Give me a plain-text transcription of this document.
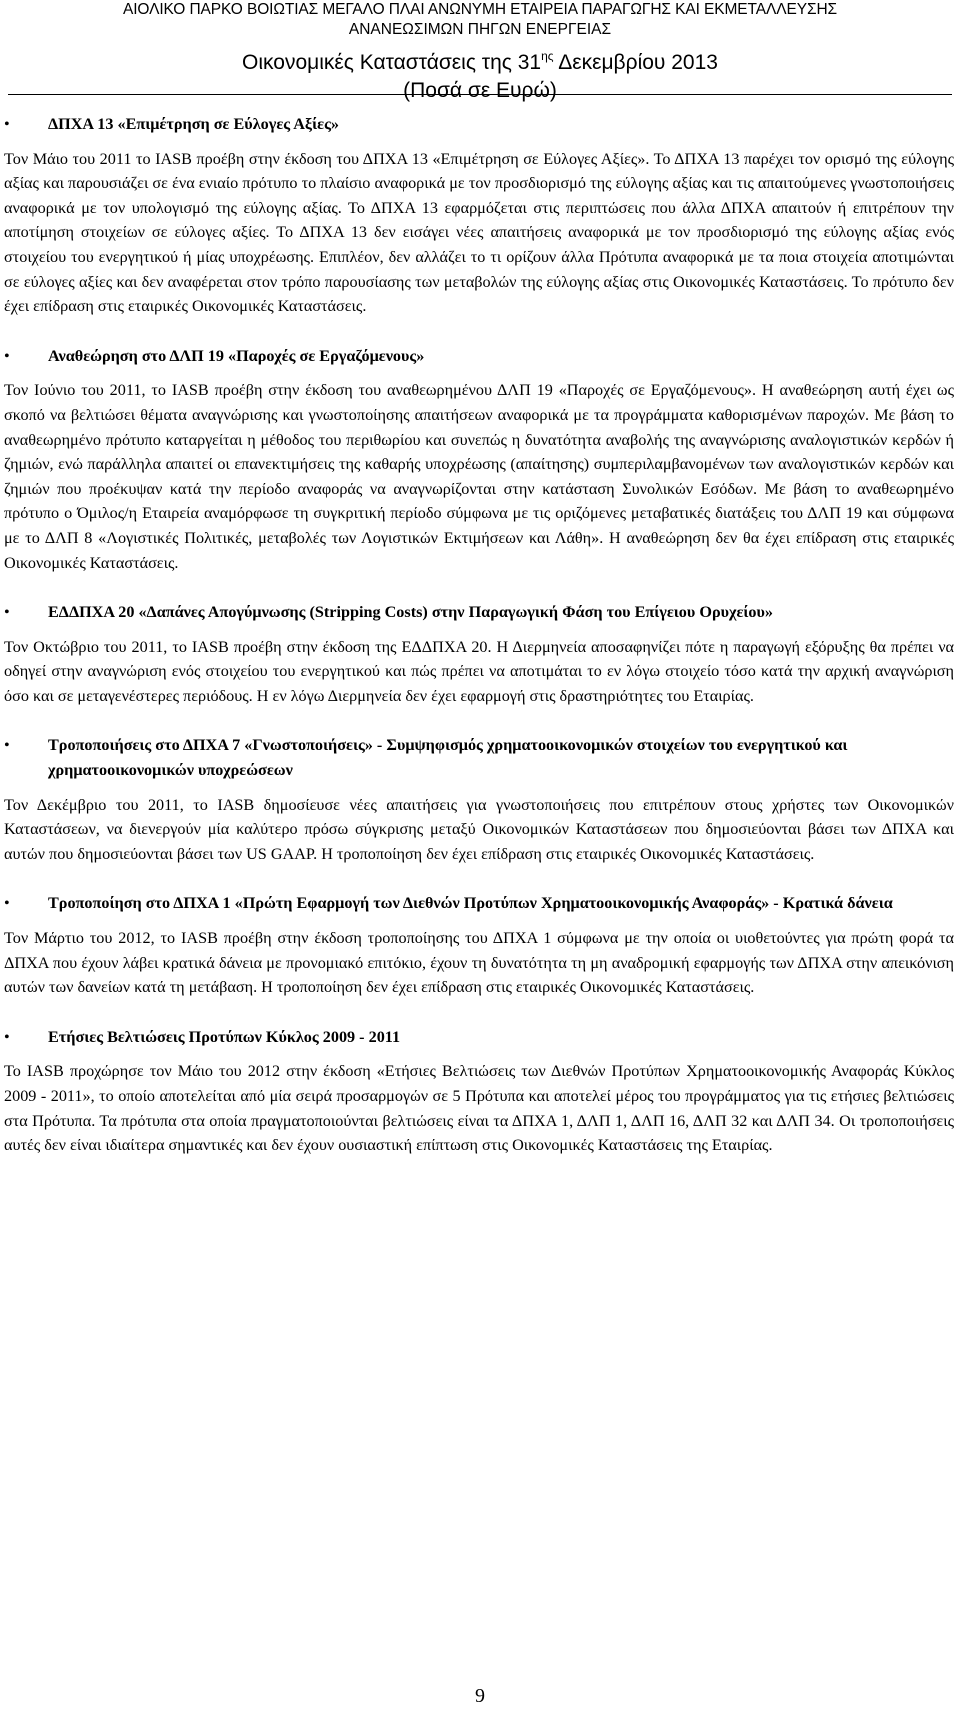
ΑΙΟΛΙΚΟ ΠΑΡΚΟ ΒΟΙΩΤΙΑΣ ΜΕΓΑΛΟ ΠΛΑΙ ΑΝΩΝΥΜΗ ΕΤΑΙΡΕΙΑ ΠΑΡΑΓΩΓΗΣ ΚΑΙ ΕΚΜΕΤΑΛΛΕΥΣΗΣ
ΑΝΑΝΕΩΣΙΜΩΝ ΠΗΓΩΝ ΕΝΕΡΓΕΙΑΣ
Οικονομικές Καταστάσεις της $31^{\eta\varsigma}$ Δεκεμβρίου 2013
(Ποσά σε Ευρώ)
• ΔΠΧΑ 13 «Επιμέτρηση σε Εύλογες Αξίες»
Τον Μάιο του 2011 το IASB προέβη στην έκδοση του ΔΠΧΑ 13 «Επιμέτρηση σε Εύλογες Αξίες». Το ΔΠΧΑ 13 παρέχει τον ορισμό της εύλογης αξίας και παρουσιάζει σε ένα ενιαίο πρότυπο το πλαίσιο αναφορικά με τον προσδιορισμό της εύλογης αξίας και τις απαιτούμενες γνωστοποιήσεις αναφορικά με τον υπολογισμό της εύλογης αξίας. Το ΔΠΧΑ 13 εφαρμόζεται στις περιπτώσεις που άλλα ΔΠΧΑ απαιτούν ή επιτρέπουν την αποτίμηση στοιχείων σε εύλογες αξίες. Το ΔΠΧΑ 13 δεν εισάγει νέες απαιτήσεις αναφορικά με τον προσδιορισμό της εύλογης αξίας ενός στοιχείου του ενεργητικού ή μίας υποχρέωσης. Επιπλέον, δεν αλλάζει το τι ορίζουν άλλα Πρότυπα αναφορικά με τα ποια στοιχεία αποτιμώνται σε εύλογες αξίες και δεν αναφέρεται στον τρόπο παρουσίασης των μεταβολών της εύλογης αξίας στις Οικονομικές Καταστάσεις. Το πρότυπο δεν έχει επίδραση στις εταιρικές Οικονομικές Καταστάσεις.
• Αναθεώρηση στο ΔΛΠ 19 «Παροχές σε Εργαζόμενους»
Τον Ιούνιο του 2011, το IASB προέβη στην έκδοση του αναθεωρημένου ΔΛΠ 19 «Παροχές σε Εργαζόμενους». Η αναθεώρηση αυτή έχει ως σκοπό να βελτιώσει θέματα αναγνώρισης και γνωστοποίησης απαιτήσεων αναφορικά με τα προγράμματα καθορισμένων παροχών. Με βάση το αναθεωρημένο πρότυπο καταργείται η μέθοδος του περιθωρίου και συνεπώς η δυνατότητα αναβολής της αναγνώρισης αναλογιστικών κερδών ή ζημιών, ενώ παράλληλα απαιτεί οι επανεκτιμήσεις της καθαρής υποχρέωσης (απαίτησης) συμπεριλαμβανομένων των αναλογιστικών κερδών και ζημιών που προέκυψαν κατά την περίοδο αναφοράς να αναγνωρίζονται στην κατάσταση Συνολικών Εσόδων. Με βάση το αναθεωρημένο πρότυπο ο Όμιλος/η Εταιρεία αναμόρφωσε τη συγκριτική περίοδο σύμφωνα με τις οριζόμενες μεταβατικές διατάξεις του ΔΛΠ 19 και σύμφωνα με το ΔΛΠ 8 «Λογιστικές Πολιτικές, μεταβολές των Λογιστικών Εκτιμήσεων και Λάθη». Η αναθεώρηση δεν θα έχει επίδραση στις εταιρικές Οικονομικές Καταστάσεις.
• ΕΔΔΠΧΑ 20 «Δαπάνες Απογύμνωσης (Stripping Costs) στην Παραγωγική Φάση του Επίγειου Ορυχείου»
Τον Οκτώβριο του 2011, το IASB προέβη στην έκδοση της ΕΔΔΠΧΑ 20. Η Διερμηνεία αποσαφηνίζει πότε η παραγωγή εξόρυξης θα πρέπει να οδηγεί στην αναγνώριση ενός στοιχείου του ενεργητικού και πώς πρέπει να αποτιμάται το εν λόγω στοιχείο τόσο κατά την αρχική αναγνώριση όσο και σε μεταγενέστερες περιόδους. Η εν λόγω Διερμηνεία δεν έχει εφαρμογή στις δραστηριότητες του Εταιρίας.
• Τροποποιήσεις στο ΔΠΧΑ 7 «Γνωστοποιήσεις» - Συμψηφισμός χρηματοοικονομικών στοιχείων του ενεργητικού και χρηματοοικονομικών υποχρεώσεων
Τον Δεκέμβριο του 2011, το IASB δημοσίευσε νέες απαιτήσεις για γνωστοποιήσεις που επιτρέπουν στους χρήστες των Οικονομικών Καταστάσεων, να διενεργούν μία καλύτερο πρόσω σύγκρισης μεταξύ Οικονομικών Καταστάσεων που δημοσιεύονται βάσει των ΔΠΧΑ και αυτών που δημοσιεύονται βάσει των US GAAP. Η τροποποίηση δεν έχει επίδραση στις εταιρικές Οικονομικές Καταστάσεις.
• Τροποποίηση στο ΔΠΧΑ 1 «Πρώτη Εφαρμογή των Διεθνών Προτύπων Χρηματοοικονομικής Αναφοράς» - Κρατικά δάνεια
Τον Μάρτιο του 2012, το IASB προέβη στην έκδοση τροποποίησης του ΔΠΧΑ 1 σύμφωνα με την οποία οι υιοθετούντες για πρώτη φορά τα ΔΠΧΑ που έχουν λάβει κρατικά δάνεια με προνομιακό επιτόκιο, έχουν τη δυνατότητα τη μη αναδρομική εφαρμογής των ΔΠΧΑ στην απεικόνιση αυτών των δανείων κατά τη μετάβαση. Η τροποποίηση δεν έχει επίδραση στις εταιρικές Οικονομικές Καταστάσεις.
• Ετήσιες Βελτιώσεις Προτύπων Κύκλος 2009 - 2011
Το IASB προχώρησε τον Μάιο του 2012 στην έκδοση «Ετήσιες Βελτιώσεις των Διεθνών Προτύπων Χρηματοοικονομικής Αναφοράς Κύκλος 2009 - 2011», το οποίο αποτελείται από μία σειρά προσαρμογών σε 5 Πρότυπα και αποτελεί μέρος του προγράμματος για τις ετήσιες βελτιώσεις στα Πρότυπα. Τα πρότυπα στα οποία πραγματοποιούνται βελτιώσεις είναι τα ΔΠΧΑ 1, ΔΛΠ 1, ΔΛΠ 16, ΔΛΠ 32 και ΔΛΠ 34. Οι τροποποιήσεις αυτές δεν είναι ιδιαίτερα σημαντικές και δεν έχουν ουσιαστική επίπτωση στις Οικονομικές Καταστάσεις της Εταιρίας.
9
